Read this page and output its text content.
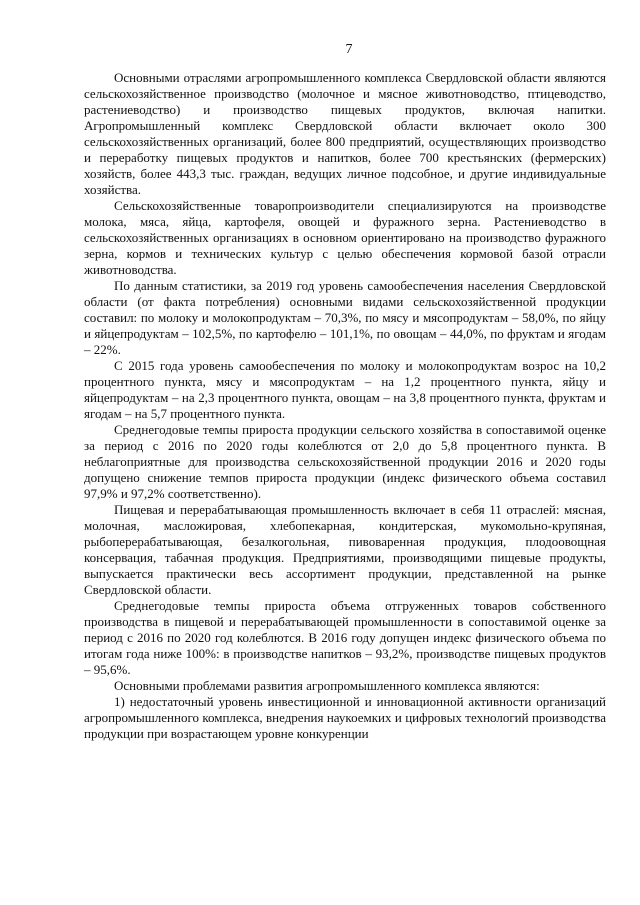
7

Основными отраслями агропромышленного комплекса Свердловской области являются сельскохозяйственное производство (молочное и мясное животноводство, птицеводство, растениеводство) и производство пищевых продуктов, включая напитки. Агропромышленный комплекс Свердловской области включает около 300 сельскохозяйственных организаций, более 800 предприятий, осуществляющих производство и переработку пищевых продуктов и напитков, более 700 крестьянских (фермерских) хозяйств, более 443,3 тыс. граждан, ведущих личное подсобное, и другие индивидуальные хозяйства.

Сельскохозяйственные товаропроизводители специализируются на производстве молока, мяса, яйца, картофеля, овощей и фуражного зерна. Растениеводство в сельскохозяйственных организациях в основном ориентировано на производство фуражного зерна, кормов и технических культур с целью обеспечения кормовой базой отрасли животноводства.

По данным статистики, за 2019 год уровень самообеспечения населения Свердловской области (от факта потребления) основными видами сельскохозяйственной продукции составил: по молоку и молокопродуктам – 70,3%, по мясу и мясопродуктам – 58,0%, по яйцу и яйцепродуктам – 102,5%, по картофелю – 101,1%, по овощам – 44,0%, по фруктам и ягодам – 22%.

С 2015 года уровень самообеспечения по молоку и молокопродуктам возрос на 10,2 процентного пункта, мясу и мясопродуктам – на 1,2 процентного пункта, яйцу и яйцепродуктам – на 2,3 процентного пункта, овощам – на 3,8 процентного пункта, фруктам и ягодам – на 5,7 процентного пункта.

Среднегодовые темпы прироста продукции сельского хозяйства в сопоставимой оценке за период с 2016 по 2020 годы колеблются от 2,0 до 5,8 процентного пункта. В неблагоприятные для производства сельскохозяйственной продукции 2016 и 2020 годы допущено снижение темпов прироста продукции (индекс физического объема составил 97,9% и 97,2% соответственно).

Пищевая и перерабатывающая промышленность включает в себя 11 отраслей: мясная, молочная, масложировая, хлебопекарная, кондитерская, мукомольно-крупяная, рыбоперерабатывающая, безалкогольная, пивоваренная продукция, плодоовощная консервация, табачная продукция. Предприятиями, производящими пищевые продукты, выпускается практически весь ассортимент продукции, представленной на рынке Свердловской области.

Среднегодовые темпы прироста объема отгруженных товаров собственного производства в пищевой и перерабатывающей промышленности в сопоставимой оценке за период с 2016 по 2020 год колеблются. В 2016 году допущен индекс физического объема по итогам года ниже 100%: в производстве напитков – 93,2%, производстве пищевых продуктов – 95,6%.

Основными проблемами развития агропромышленного комплекса являются:

1) недостаточный уровень инвестиционной и инновационной активности организаций агропромышленного комплекса, внедрения наукоемких и цифровых технологий производства продукции при возрастающем уровне конкуренции
